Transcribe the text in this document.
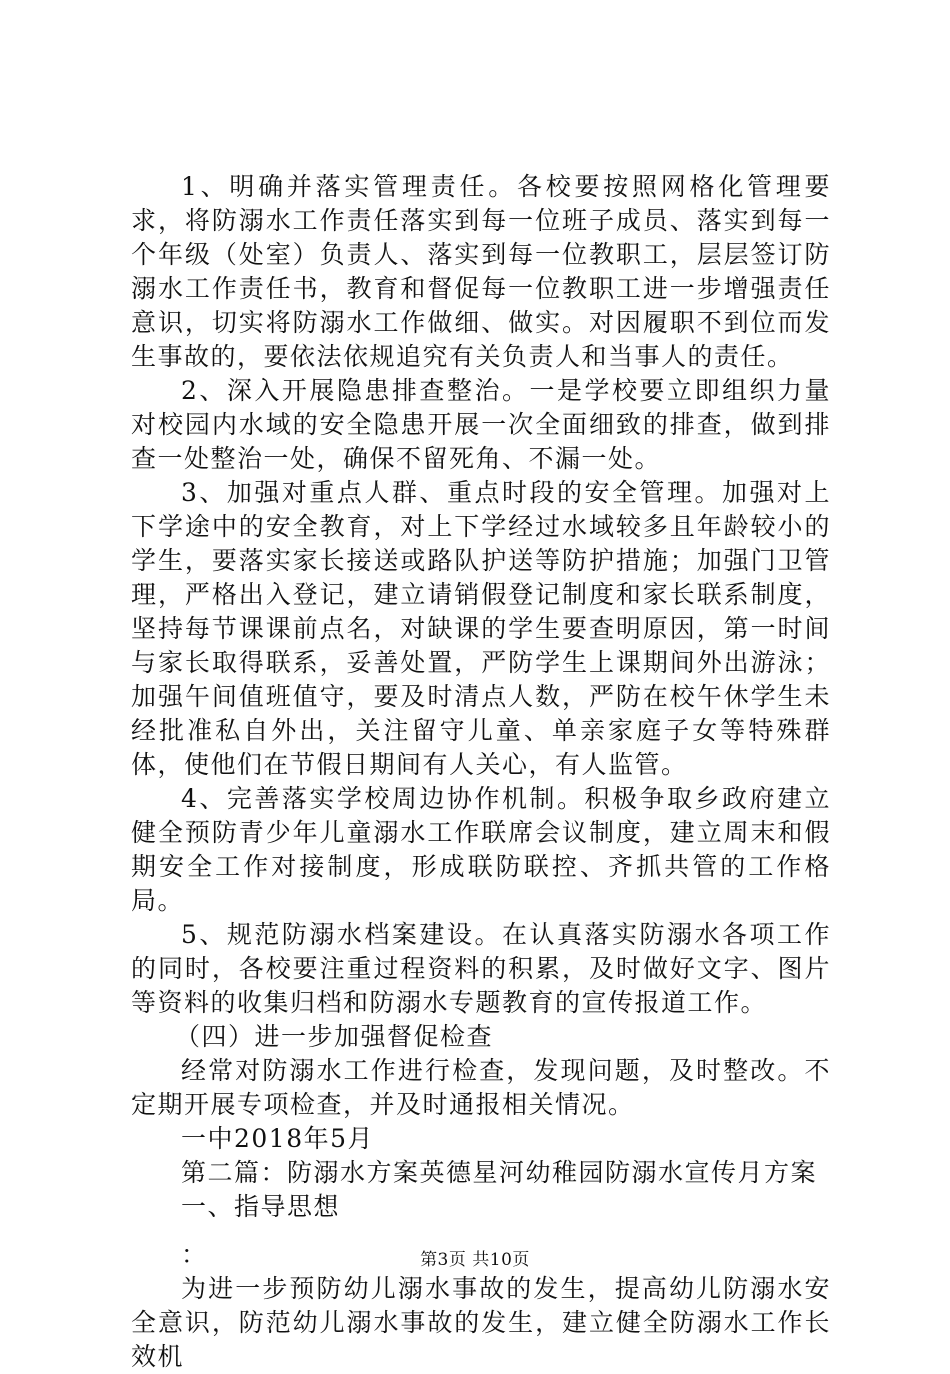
1、明确并落实管理责任。各校要按照网格化管理要求，将防溺水工作责任落实到每一位班子成员、落实到每一个年级（处室）负责人、落实到每一位教职工，层层签订防溺水工作责任书，教育和督促每一位教职工进一步增强责任意识，切实将防溺水工作做细、做实。对因履职不到位而发生事故的，要依法依规追究有关负责人和当事人的责任。

2、深入开展隐患排查整治。一是学校要立即组织力量对校园内水域的安全隐患开展一次全面细致的排查，做到排查一处整治一处，确保不留死角、不漏一处。

3、加强对重点人群、重点时段的安全管理。加强对上下学途中的安全教育，对上下学经过水域较多且年龄较小的学生，要落实家长接送或路队护送等防护措施；加强门卫管理，严格出入登记，建立请销假登记制度和家长联系制度，坚持每节课课前点名，对缺课的学生要查明原因，第一时间与家长取得联系，妥善处置，严防学生上课期间外出游泳；加强午间值班值守，要及时清点人数，严防在校午休学生未经批准私自外出，关注留守儿童、单亲家庭子女等特殊群体，使他们在节假日期间有人关心，有人监管。

4、完善落实学校周边协作机制。积极争取乡政府建立健全预防青少年儿童溺水工作联席会议制度，建立周末和假期安全工作对接制度，形成联防联控、齐抓共管的工作格局。

5、规范防溺水档案建设。在认真落实防溺水各项工作的同时，各校要注重过程资料的积累，及时做好文字、图片等资料的收集归档和防溺水专题教育的宣传报道工作。

（四）进一步加强督促检查

经常对防溺水工作进行检查，发现问题，及时整改。不定期开展专项检查，并及时通报相关情况。

一中2018年5月

第二篇：防溺水方案英德星河幼稚园防溺水宣传月方案

一、指导思想

：

为进一步预防幼儿溺水事故的发生，提高幼儿防溺水安全意识，防范幼儿溺水事故的发生，建立健全防溺水工作长效机

第3页 共10页
